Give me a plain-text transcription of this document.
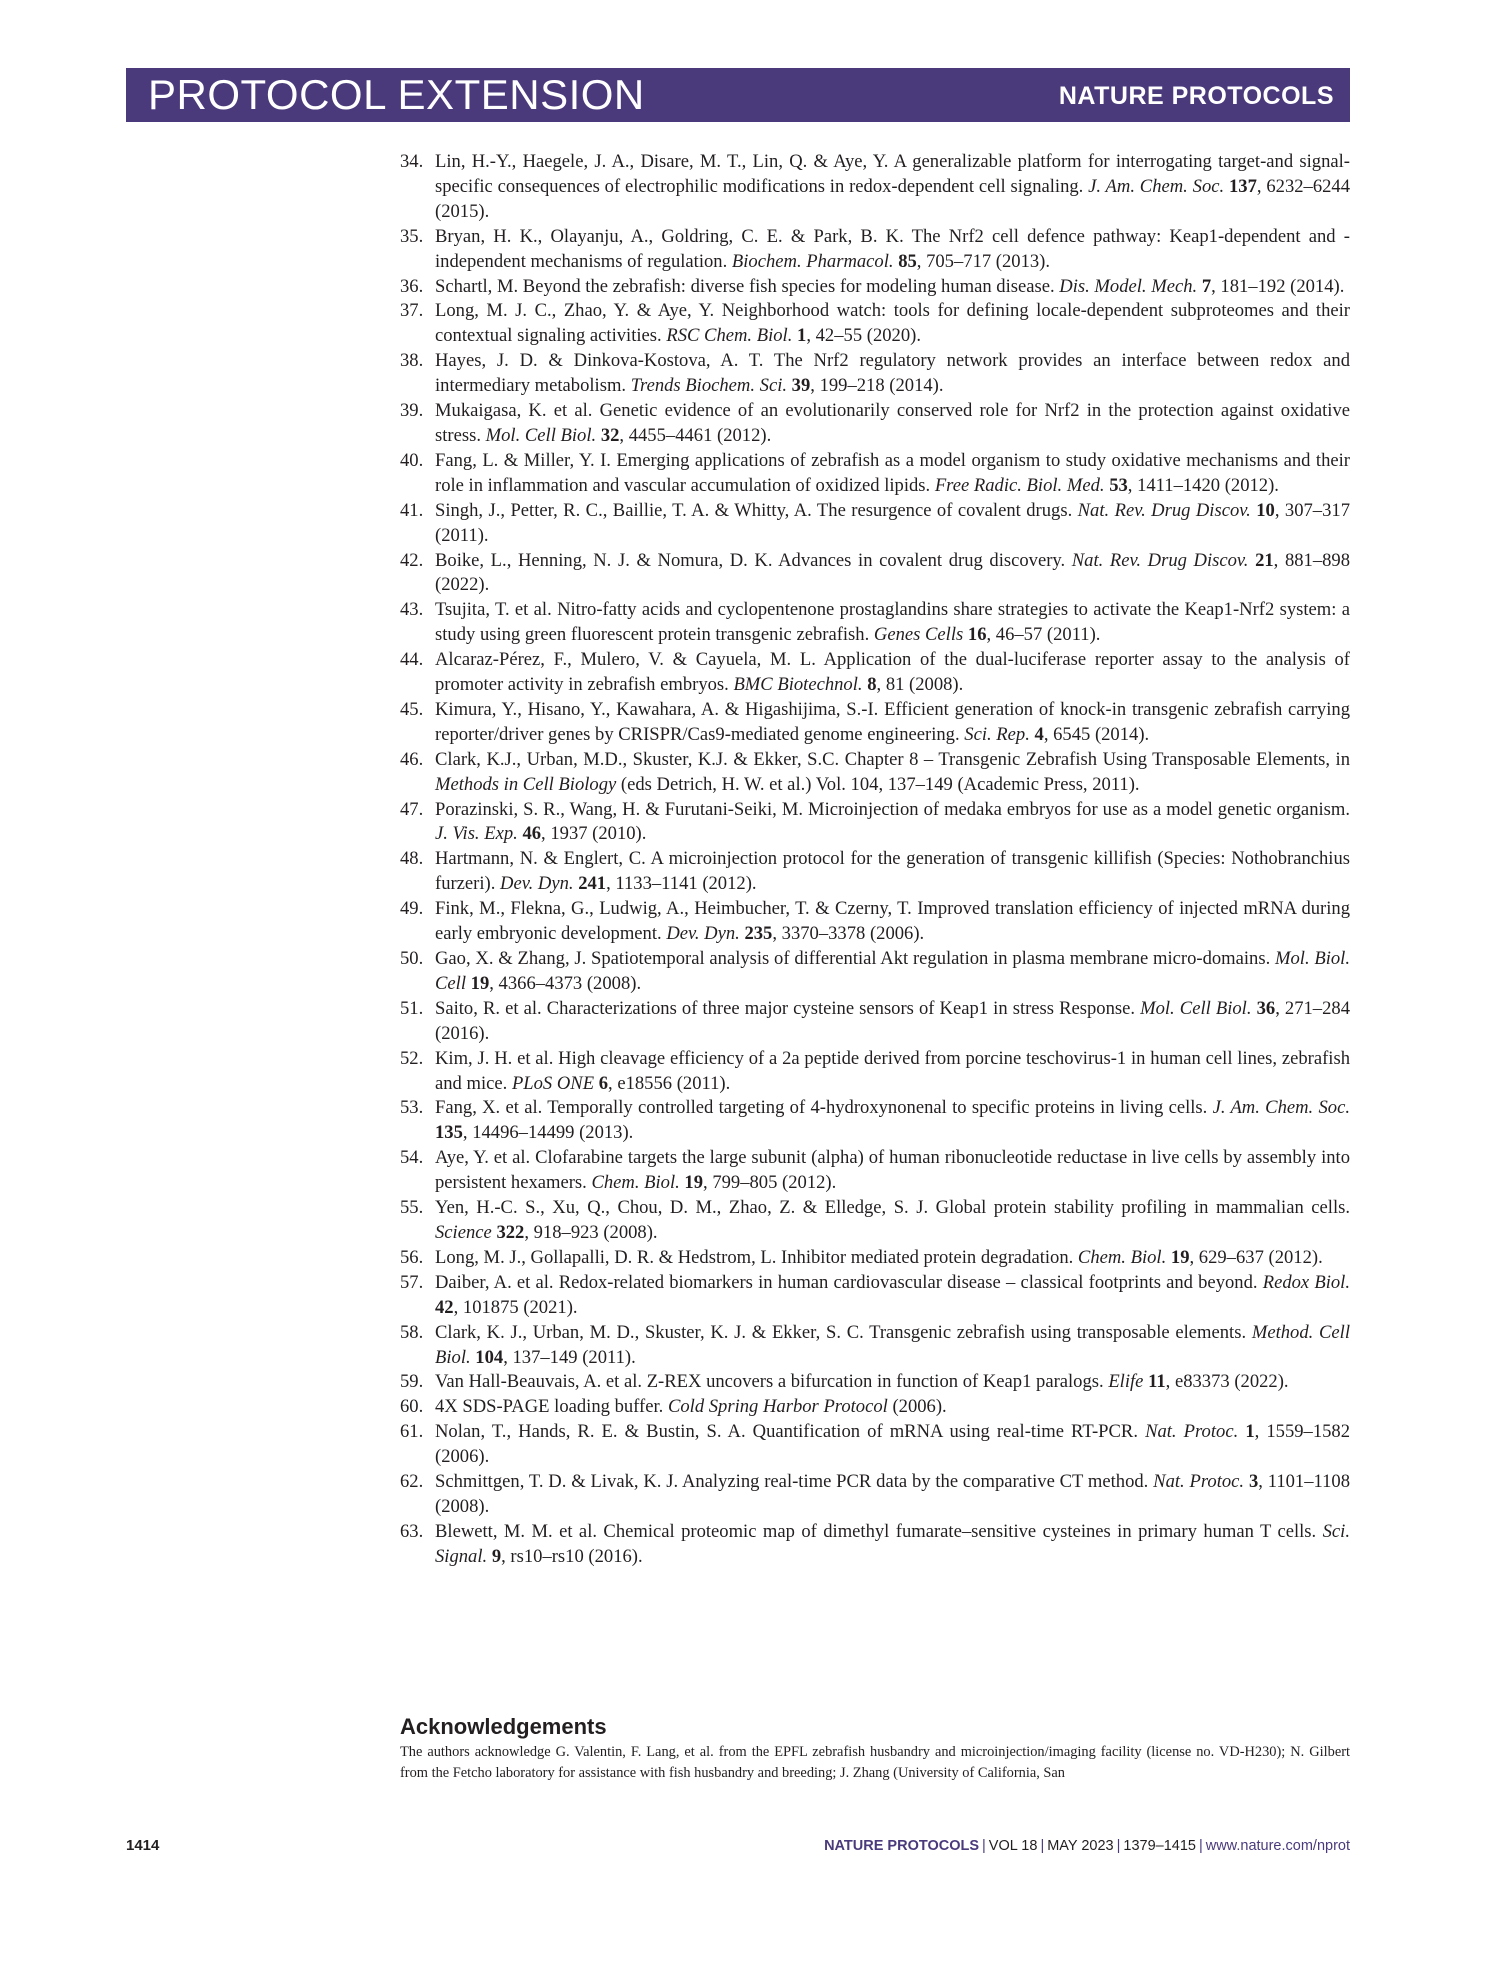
PROTOCOL EXTENSION	NATURE PROTOCOLS
34. Lin, H.-Y., Haegele, J. A., Disare, M. T., Lin, Q. & Aye, Y. A generalizable platform for interrogating target-and signal-specific consequences of electrophilic modifications in redox-dependent cell signaling. J. Am. Chem. Soc. 137, 6232–6244 (2015).
35. Bryan, H. K., Olayanju, A., Goldring, C. E. & Park, B. K. The Nrf2 cell defence pathway: Keap1-dependent and -independent mechanisms of regulation. Biochem. Pharmacol. 85, 705–717 (2013).
36. Schartl, M. Beyond the zebrafish: diverse fish species for modeling human disease. Dis. Model. Mech. 7, 181–192 (2014).
37. Long, M. J. C., Zhao, Y. & Aye, Y. Neighborhood watch: tools for defining locale-dependent subproteomes and their contextual signaling activities. RSC Chem. Biol. 1, 42–55 (2020).
38. Hayes, J. D. & Dinkova-Kostova, A. T. The Nrf2 regulatory network provides an interface between redox and intermediary metabolism. Trends Biochem. Sci. 39, 199–218 (2014).
39. Mukaigasa, K. et al. Genetic evidence of an evolutionarily conserved role for Nrf2 in the protection against oxidative stress. Mol. Cell Biol. 32, 4455–4461 (2012).
40. Fang, L. & Miller, Y. I. Emerging applications of zebrafish as a model organism to study oxidative mechanisms and their role in inflammation and vascular accumulation of oxidized lipids. Free Radic. Biol. Med. 53, 1411–1420 (2012).
41. Singh, J., Petter, R. C., Baillie, T. A. & Whitty, A. The resurgence of covalent drugs. Nat. Rev. Drug Discov. 10, 307–317 (2011).
42. Boike, L., Henning, N. J. & Nomura, D. K. Advances in covalent drug discovery. Nat. Rev. Drug Discov. 21, 881–898 (2022).
43. Tsujita, T. et al. Nitro-fatty acids and cyclopentenone prostaglandins share strategies to activate the Keap1-Nrf2 system: a study using green fluorescent protein transgenic zebrafish. Genes Cells 16, 46–57 (2011).
44. Alcaraz-Pérez, F., Mulero, V. & Cayuela, M. L. Application of the dual-luciferase reporter assay to the analysis of promoter activity in zebrafish embryos. BMC Biotechnol. 8, 81 (2008).
45. Kimura, Y., Hisano, Y., Kawahara, A. & Higashijima, S.-I. Efficient generation of knock-in transgenic zebrafish carrying reporter/driver genes by CRISPR/Cas9-mediated genome engineering. Sci. Rep. 4, 6545 (2014).
46. Clark, K.J., Urban, M.D., Skuster, K.J. & Ekker, S.C. Chapter 8 – Transgenic Zebrafish Using Transposable Elements, in Methods in Cell Biology (eds Detrich, H. W. et al.) Vol. 104, 137–149 (Academic Press, 2011).
47. Porazinski, S. R., Wang, H. & Furutani-Seiki, M. Microinjection of medaka embryos for use as a model genetic organism. J. Vis. Exp. 46, 1937 (2010).
48. Hartmann, N. & Englert, C. A microinjection protocol for the generation of transgenic killifish (Species: Nothobranchius furzeri). Dev. Dyn. 241, 1133–1141 (2012).
49. Fink, M., Flekna, G., Ludwig, A., Heimbucher, T. & Czerny, T. Improved translation efficiency of injected mRNA during early embryonic development. Dev. Dyn. 235, 3370–3378 (2006).
50. Gao, X. & Zhang, J. Spatiotemporal analysis of differential Akt regulation in plasma membrane micro-domains. Mol. Biol. Cell 19, 4366–4373 (2008).
51. Saito, R. et al. Characterizations of three major cysteine sensors of Keap1 in stress Response. Mol. Cell Biol. 36, 271–284 (2016).
52. Kim, J. H. et al. High cleavage efficiency of a 2a peptide derived from porcine teschovirus-1 in human cell lines, zebrafish and mice. PLoS ONE 6, e18556 (2011).
53. Fang, X. et al. Temporally controlled targeting of 4-hydroxynonenal to specific proteins in living cells. J. Am. Chem. Soc. 135, 14496–14499 (2013).
54. Aye, Y. et al. Clofarabine targets the large subunit (alpha) of human ribonucleotide reductase in live cells by assembly into persistent hexamers. Chem. Biol. 19, 799–805 (2012).
55. Yen, H.-C. S., Xu, Q., Chou, D. M., Zhao, Z. & Elledge, S. J. Global protein stability profiling in mammalian cells. Science 322, 918–923 (2008).
56. Long, M. J., Gollapalli, D. R. & Hedstrom, L. Inhibitor mediated protein degradation. Chem. Biol. 19, 629–637 (2012).
57. Daiber, A. et al. Redox-related biomarkers in human cardiovascular disease – classical footprints and beyond. Redox Biol. 42, 101875 (2021).
58. Clark, K. J., Urban, M. D., Skuster, K. J. & Ekker, S. C. Transgenic zebrafish using transposable elements. Method. Cell Biol. 104, 137–149 (2011).
59. Van Hall-Beauvais, A. et al. Z-REX uncovers a bifurcation in function of Keap1 paralogs. Elife 11, e83373 (2022).
60. 4X SDS-PAGE loading buffer. Cold Spring Harbor Protocol (2006).
61. Nolan, T., Hands, R. E. & Bustin, S. A. Quantification of mRNA using real-time RT-PCR. Nat. Protoc. 1, 1559–1582 (2006).
62. Schmittgen, T. D. & Livak, K. J. Analyzing real-time PCR data by the comparative CT method. Nat. Protoc. 3, 1101–1108 (2008).
63. Blewett, M. M. et al. Chemical proteomic map of dimethyl fumarate–sensitive cysteines in primary human T cells. Sci. Signal. 9, rs10–rs10 (2016).
Acknowledgements
The authors acknowledge G. Valentin, F. Lang, et al. from the EPFL zebrafish husbandry and microinjection/imaging facility (license no. VD-H230); N. Gilbert from the Fetcho laboratory for assistance with fish husbandry and breeding; J. Zhang (University of California, San
1414	NATURE PROTOCOLS | VOL 18 | MAY 2023 | 1379–1415 | www.nature.com/nprot
